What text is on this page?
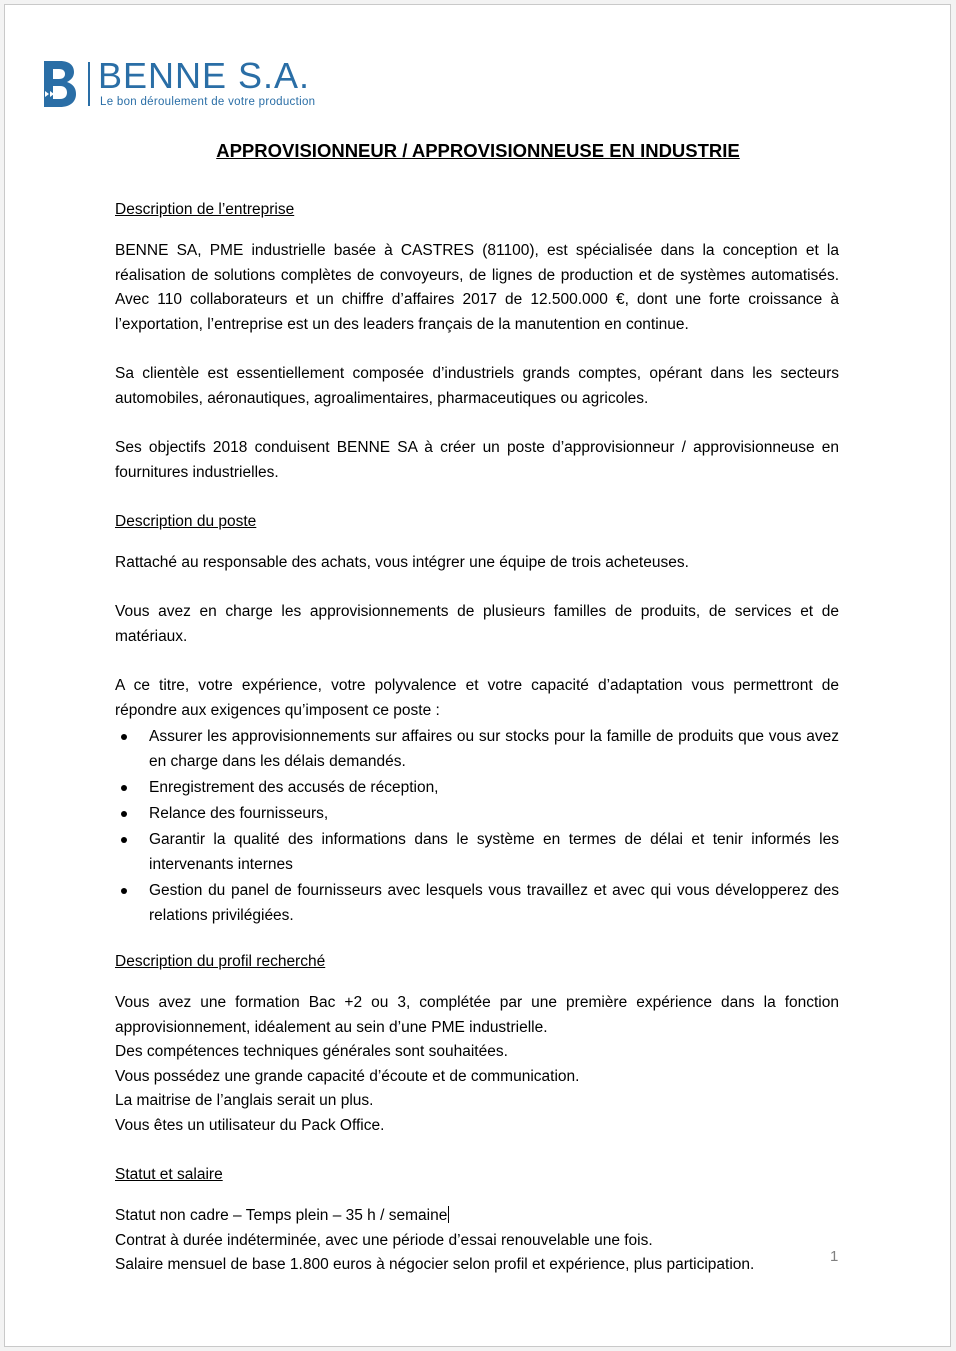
BENNE S.A.
Le bon déroulement de votre production
APPROVISIONNEUR / APPROVISIONNEUSE EN INDUSTRIE
Description de l’entreprise
BENNE SA, PME industrielle basée à CASTRES (81100), est spécialisée dans la conception et la
réalisation de solutions complètes de convoyeurs, de lignes de production et de systèmes automatisés.
Avec 110 collaborateurs et un chiffre d’affaires 2017 de 12.500.000 €, dont une forte croissance à
l’exportation, l’entreprise est un des leaders français de la manutention en continue.
Sa clientèle est essentiellement composée d’industriels grands comptes, opérant dans les secteurs
automobiles, aéronautiques, agroalimentaires, pharmaceutiques ou agricoles.
Ses objectifs 2018 conduisent BENNE SA à créer un poste d’approvisionneur / approvisionneuse en
fournitures industrielles.
Description du poste
Rattaché au responsable des achats, vous intégrer une équipe de trois acheteuses.
Vous avez en charge les approvisionnements de plusieurs familles de produits, de services et de
matériaux.
A ce titre, votre expérience, votre polyvalence et votre capacité d’adaptation vous permettront de
répondre aux exigences qu’imposent ce poste :
Assurer les approvisionnements sur affaires ou sur stocks pour la famille de produits que vous avez en charge dans les délais demandés.
Enregistrement des accusés de réception,
Relance des fournisseurs,
Garantir la qualité des informations dans le système en termes de délai et tenir informés les intervenants internes
Gestion du panel de fournisseurs avec lesquels vous travaillez et avec qui vous développerez des relations privilégiées.
Description du profil recherché
Vous avez une formation Bac +2 ou 3, complétée par une première expérience dans la fonction
approvisionnement, idéalement au sein d’une PME industrielle.
Des compétences techniques générales sont souhaitées.
Vous possédez une grande capacité d’écoute et de communication.
La maitrise de l’anglais serait un plus.
Vous êtes un utilisateur du Pack Office.
Statut et salaire
Statut non cadre – Temps plein – 35 h / semaine
Contrat à durée indéterminée, avec une période d’essai renouvelable une fois.
Salaire mensuel de base 1.800 euros à négocier selon profil et expérience, plus participation.	1
